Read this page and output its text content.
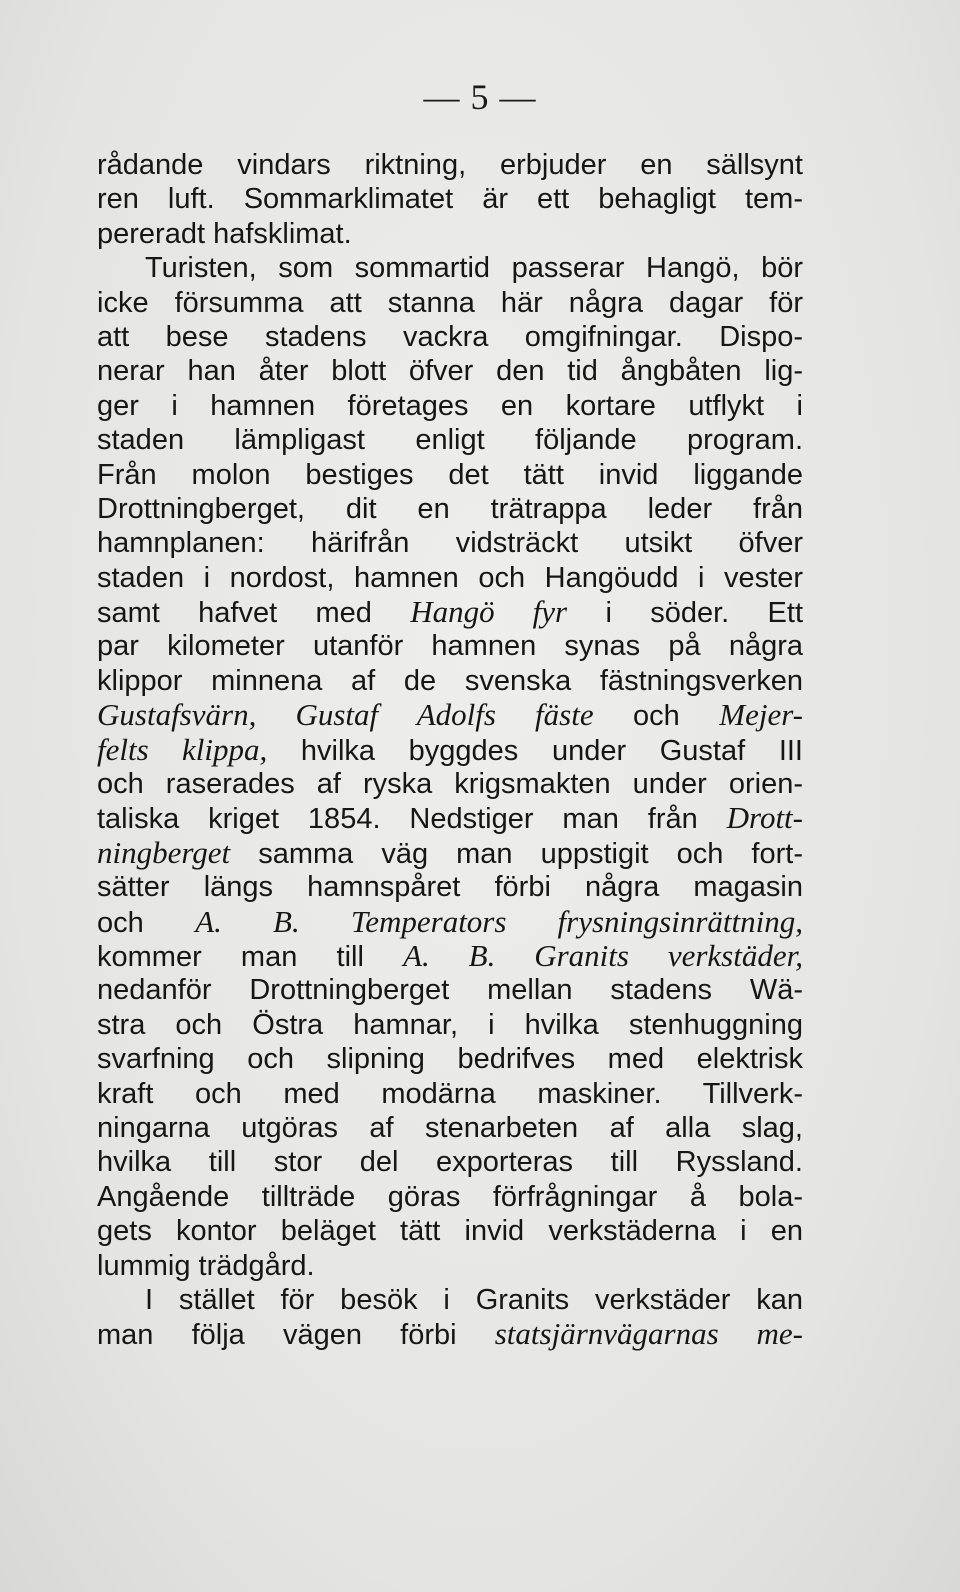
— 5 —
rådande vindars riktning, erbjuder en sällsynt
ren luft. Sommarklimatet är ett behagligt tem-
pereradt hafsklimat.
Turisten, som sommartid passerar Hangö, bör
icke försumma att stanna här några dagar för
att bese stadens vackra omgifningar. Dispo-
nerar han åter blott öfver den tid ångbåten lig-
ger i hamnen företages en kortare utflykt i
staden lämpligast enligt följande program.
Från molon bestiges det tätt invid liggande
Drottningberget, dit en trätrappa leder från
hamnplanen: härifrån vidsträckt utsikt öfver
staden i nordost, hamnen och Hangöudd i vester
samt hafvet med Hangö fyr i söder. Ett
par kilometer utanför hamnen synas på några
klippor minnena af de svenska fästningsverken
Gustafsvärn, Gustaf Adolfs fäste och Mejer-
felts klippa, hvilka byggdes under Gustaf III
och raserades af ryska krigsmakten under orien-
taliska kriget 1854. Nedstiger man från Drott-
ningberget samma väg man uppstigit och fort-
sätter längs hamnspåret förbi några magasin
och A. B. Temperators frysningsinrättning,
kommer man till A. B. Granits verkstäder,
nedanför Drottningberget mellan stadens Wä-
stra och Östra hamnar, i hvilka stenhuggning
svarfning och slipning bedrifves med elektrisk
kraft och med modärna maskiner. Tillverk-
ningarna utgöras af stenarbeten af alla slag,
hvilka till stor del exporteras till Ryssland.
Angående tillträde göras förfrågningar å bola-
gets kontor beläget tätt invid verkstäderna i en
lummig trädgård.
I stället för besök i Granits verkstäder kan
man följa vägen förbi statsjärnvägarnas me-
